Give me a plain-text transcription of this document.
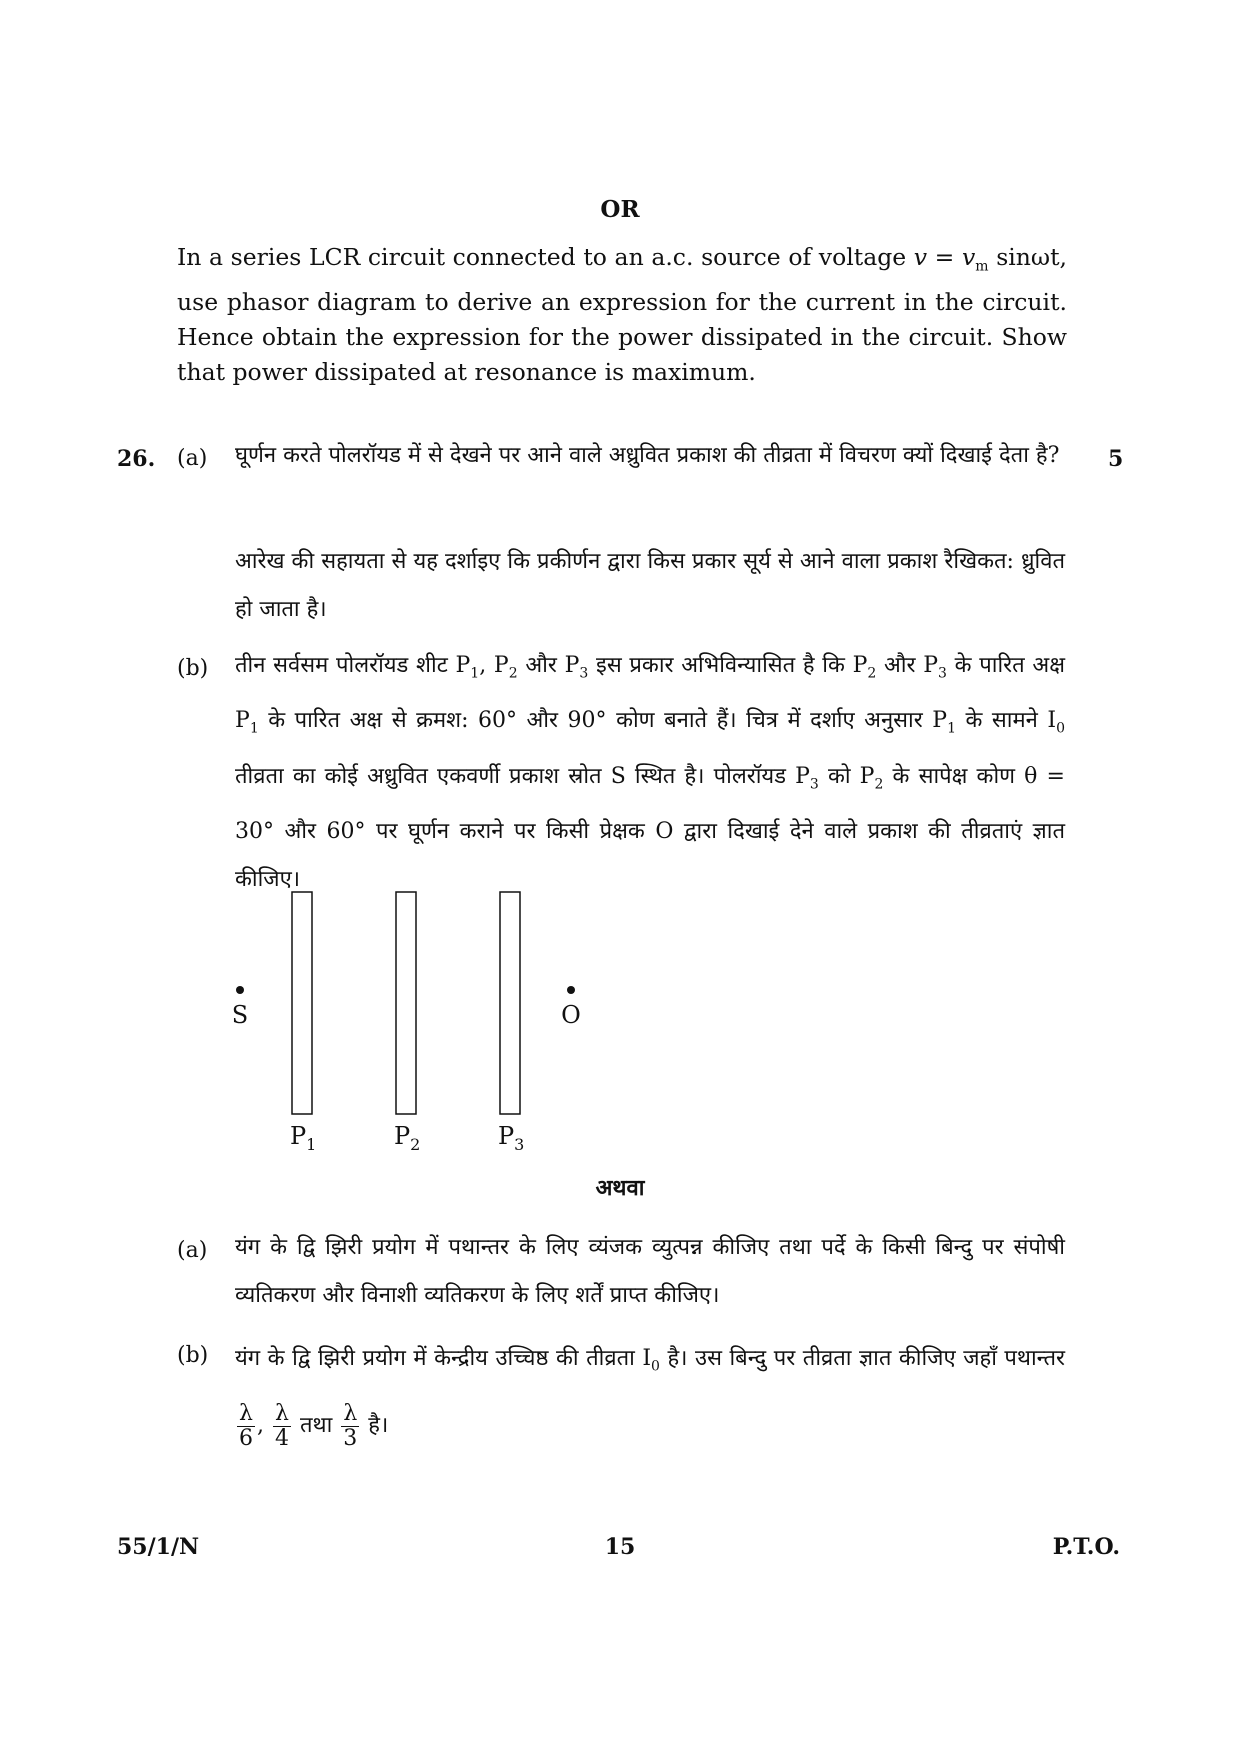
OR
In a series LCR circuit connected to an a.c. source of voltage $v = v_m$ sinωt, use phasor diagram to derive an expression for the current in the circuit. Hence obtain the expression for the power dissipated in the circuit. Show that power dissipated at resonance is maximum.
26.	5
(a) घूर्णन करते पोलरॉयड में से देखने पर आने वाले अध्रुवित प्रकाश की तीव्रता में विचरण क्यों दिखाई देता है?
आरेख की सहायता से यह दर्शाइए कि प्रकीर्णन द्वारा किस प्रकार सूर्य से आने वाला प्रकाश रैखिकत: ध्रुवित हो जाता है।
(b) तीन सर्वसम पोलरॉयड शीट $P_1$, $P_2$ और $P_3$ इस प्रकार अभिविन्यासित है कि $P_2$ और $P_3$ के पारित अक्ष $P_1$ के पारित अक्ष से क्रमश: 60° और 90° कोण बनाते हैं। चित्र में दर्शाए अनुसार $P_1$ के सामने $I_0$ तीव्रता का कोई अध्रुवित एकवर्णी प्रकाश स्रोत S स्थित है। पोलरॉयड $P_3$ को $P_2$ के सापेक्ष कोण θ = 30° और 60° पर घूर्णन कराने पर किसी प्रेक्षक O द्वारा दिखाई देने वाले प्रकाश की तीव्रताएं ज्ञात कीजिए।
S	O
$P_1$	$P_2$	$P_3$
अथवा
(a) यंग के द्वि झिरी प्रयोग में पथान्तर के लिए व्यंजक व्युत्पन्न कीजिए तथा पर्दे के किसी बिन्दु पर संपोषी व्यतिकरण और विनाशी व्यतिकरण के लिए शर्तें प्राप्त कीजिए।
(b) यंग के द्वि झिरी प्रयोग में केन्द्रीय उच्चिष्ठ की तीव्रता $I_0$ है। उस बिन्दु पर तीव्रता ज्ञात कीजिए जहाँ पथान्तर
$\frac{\lambda}{6}$ , $\frac{\lambda}{4}$ तथा $\frac{\lambda}{3}$ है।
55/1/N	15	P.T.O.
